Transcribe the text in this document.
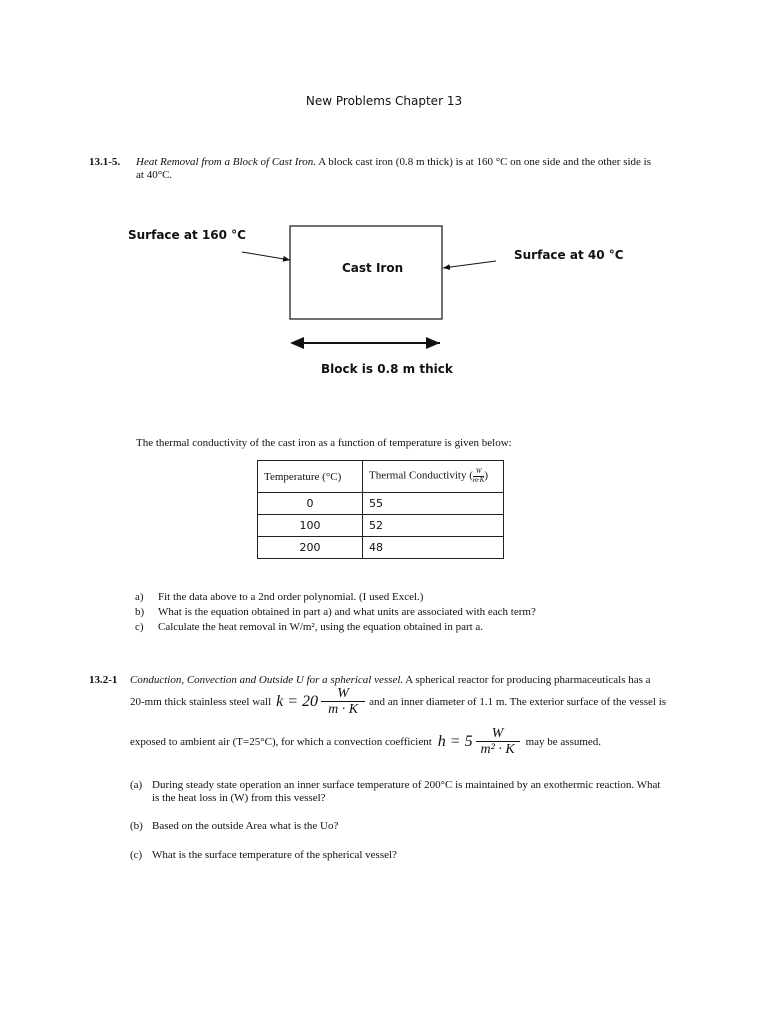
New Problems Chapter 13
13.1-5. Heat Removal from a Block of Cast Iron. A block cast iron (0.8 m thick) is at 160 °C on one side and the other side is
at 40°C.
Surface at 160 °C
Cast Iron
Surface at 40 °C
Block is 0.8 m thick
The thermal conductivity of the cast iron as a function of temperature is given below:
Temperature (°C)	Thermal Conductivity ( $\frac{W}{m\cdot K}$ )
0	55
100	52
200	48
a) Fit the data above to a 2nd order polynomial. (I used Excel.)
b) What is the equation obtained in part a) and what units are associated with each term?
c) Calculate the heat removal in W/m², using the equation obtained in part a.
13.2-1 Conduction, Convection and Outside U for a spherical vessel. A spherical reactor for producing pharmaceuticals has a
20-mm thick stainless steel wall $k = 20 \frac{W}{m \cdot K}$ and an inner diameter of 1.1 m. The exterior surface of the vessel is
exposed to ambient air (T=25°C), for which a convection coefficient $h = 5 \frac{W}{\text{m² · K}}$ may be assumed.
(a) During steady state operation an inner surface temperature of 200°C is maintained by an exothermic reaction. What
is the heat loss in (W) from this vessel?
(b) Based on the outside Area what is the Uo?
(c) What is the surface temperature of the spherical vessel?
